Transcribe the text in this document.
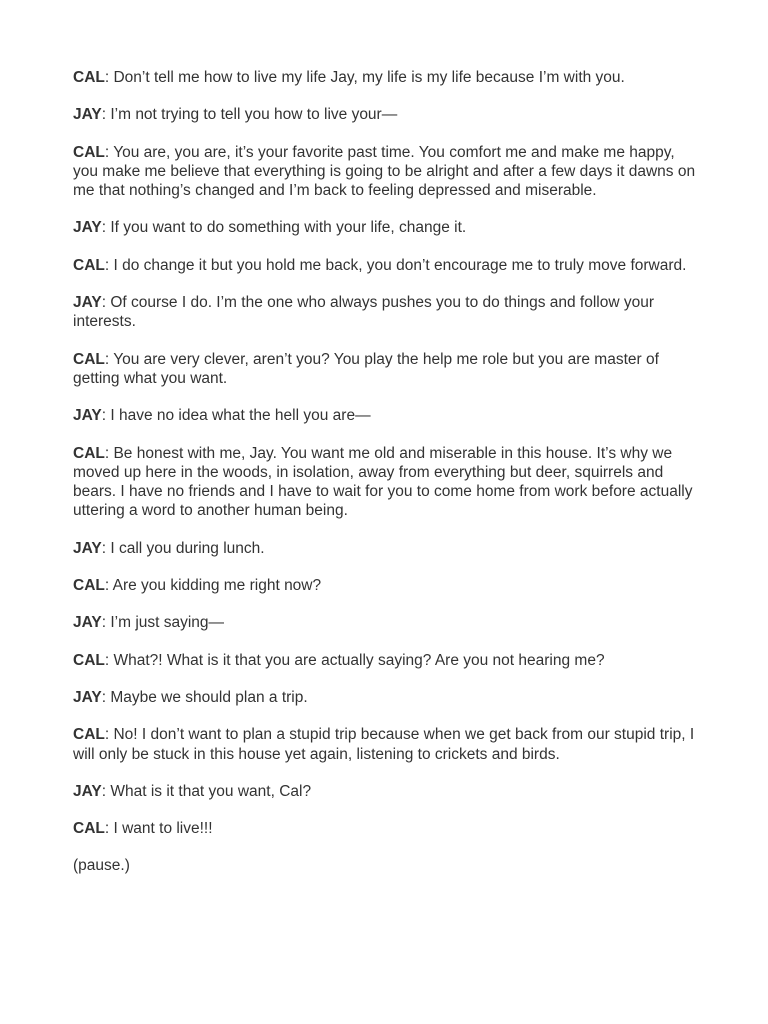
CAL: Don’t tell me how to live my life Jay, my life is my life because I’m with you.

JAY: I’m not trying to tell you how to live your—

CAL: You are, you are, it’s your favorite past time. You comfort me and make me happy, you make me believe that everything is going to be alright and after a few days it dawns on me that nothing’s changed and I’m back to feeling depressed and miserable.

JAY: If you want to do something with your life, change it.

CAL: I do change it but you hold me back, you don’t encourage me to truly move forward.

JAY: Of course I do. I’m the one who always pushes you to do things and follow your interests.

CAL: You are very clever, aren’t you? You play the help me role but you are master of getting what you want.

JAY: I have no idea what the hell you are—

CAL: Be honest with me, Jay. You want me old and miserable in this house. It’s why we moved up here in the woods, in isolation, away from everything but deer, squirrels and bears. I have no friends and I have to wait for you to come home from work before actually uttering a word to another human being.

JAY: I call you during lunch.

CAL: Are you kidding me right now?

JAY: I’m just saying—

CAL: What?! What is it that you are actually saying? Are you not hearing me?

JAY: Maybe we should plan a trip.

CAL: No! I don’t want to plan a stupid trip because when we get back from our stupid trip, I will only be stuck in this house yet again, listening to crickets and birds.

JAY: What is it that you want, Cal?

CAL: I want to live!!!

(pause.)
